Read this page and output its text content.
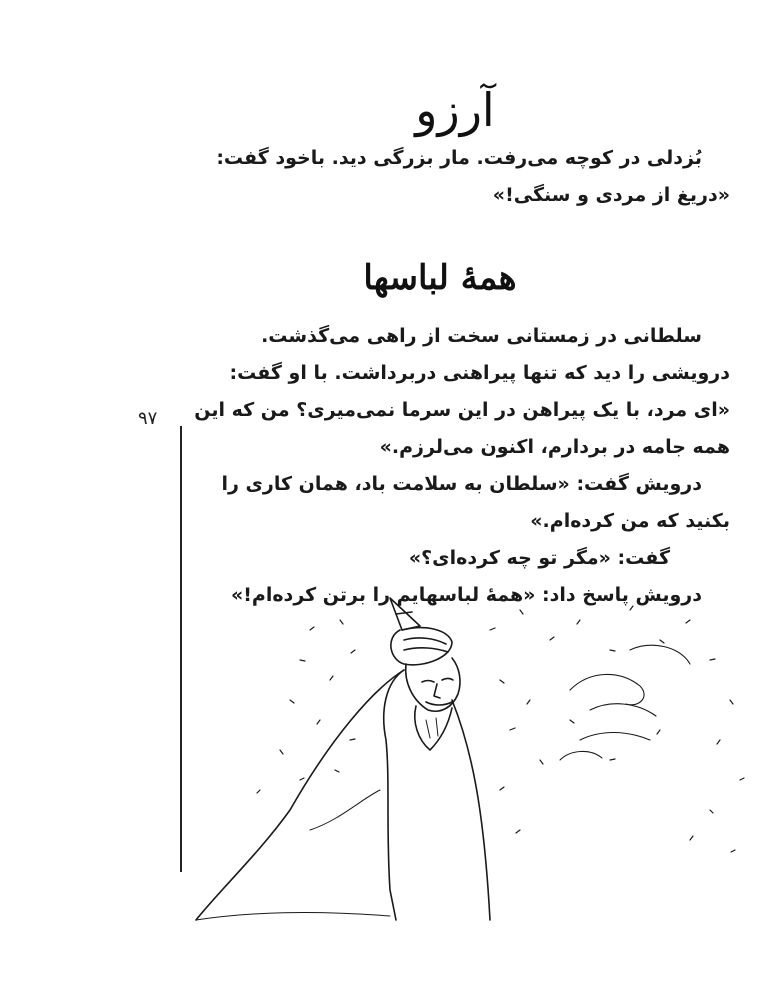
آرزو

بُزدلی در کوچه می‌رفت. مار بزرگی دید. باخود گفت: «دریغ از مردی و سنگی!»

همهٔ لباسها

سلطانی در زمستانی سخت از راهی می‌گذشت. درویشی را دید که تنها پیراهنی دربرداشت. با او گفت: «ای مرد، با یک پیراهن در این سرما نمی‌میری؟ من که این همه جامه در بردارم، اکنون می‌لرزم.»

درویش گفت: «سلطان به سلامت باد، همان کاری را بکنید که من کرده‌ام.»

گفت: «مگر تو چه کرده‌ای؟»

درویش پاسخ داد: «همهٔ لباسهایم را برتن کرده‌ام!»

۹۷
